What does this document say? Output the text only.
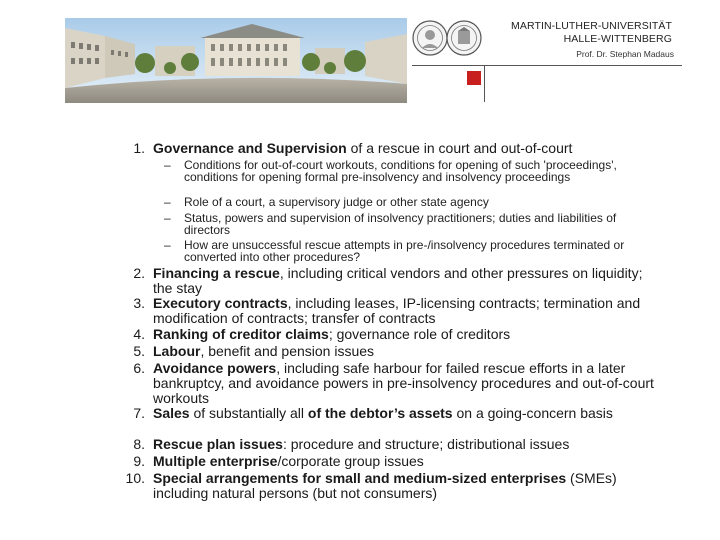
MARTIN-LUTHER-UNIVERSITÄT
HALLE-WITTENBERG
Prof. Dr. Stephan Madaus
1. Governance and Supervision of a rescue in court and out-of-court
– Conditions for out-of-court workouts, conditions for opening of such 'proceedings', conditions for opening formal pre-insolvency and insolvency proceedings
– Role of a court, a supervisory judge or other state agency
– Status, powers and supervision of insolvency practitioners; duties and liabilities of directors
– How are unsuccessful rescue attempts in pre-/insolvency procedures terminated or converted into other procedures?
2. Financing a rescue, including critical vendors and other pressures on liquidity; the stay
3. Executory contracts, including leases, IP-licensing contracts; termination and modification of contracts; transfer of contracts
4. Ranking of creditor claims; governance role of creditors
5. Labour, benefit and pension issues
6. Avoidance powers, including safe harbour for failed rescue efforts in a later bankruptcy, and avoidance powers in pre-insolvency procedures and out-of-court workouts
7. Sales of substantially all of the debtor’s assets on a going-concern basis
8. Rescue plan issues: procedure and structure; distributional issues
9. Multiple enterprise/corporate group issues
10. Special arrangements for small and medium-sized enterprises (SMEs) including natural persons (but not consumers)
